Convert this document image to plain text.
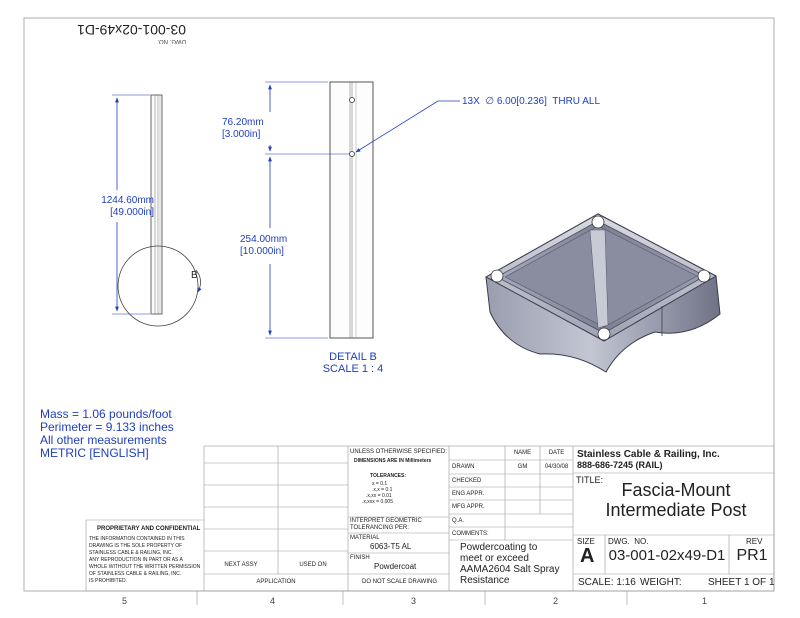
03-001-02x49-D1
DWG. NO.
1244.60mm
[49.000in]
76.20mm
[3.000in]
254.00mm
[10.000in]
13X  ∅ 6.00[0.236]  THRU ALL
B
DETAIL B
SCALE 1 : 4
Mass = 1.06 pounds/foot
Perimeter = 9.133 inches
All other measurements
METRIC [ENGLISH]
PROPRIETARY AND CONFIDENTIAL
THE INFORMATION CONTAINED IN THIS
DRAWING IS THE SOLE PROPERTY OF
STAINLESS CABLE & RAILING, INC.
ANY REPRODUCTION IN PART OR AS A
WHOLE WITHOUT THE WRITTEN PERMISSION
OF STAINLESS CABLE & RAILING, INC.
IS PROHIBITED.
NEXT ASSY	USED ON
APPLICATION
UNLESS OTHERWISE SPECIFIED:
DIMENSIONS ARE IN Millimeters
TOLERANCES:
x = 0.1
.x,x = 0.1
.x,xx = 0.01
.x,xxx = 0.005
INTERPRET GEOMETRIC
TOLERANCING PER:
MATERIAL
6063-T5 AL
FINISH
Powdercoat
DO NOT SCALE DRAWING
NAME	DATE
DRAWN	GM	04/30/08
CHECKED
ENG APPR.
MFG APPR.
Q.A.
COMMENTS:
Powdercoating to
meet or exceed
AAMA2604 Salt Spray
Resistance
Stainless Cable & Railing, Inc.
888-686-7245 (RAIL)
TITLE:	Fascia-Mount
Intermediate Post
SIZE
A
DWG.  NO.
03-001-02x49-D1
REV
PR1
SCALE: 1:16 WEIGHT:	SHEET 1 OF 1
5	4	3	2	1
